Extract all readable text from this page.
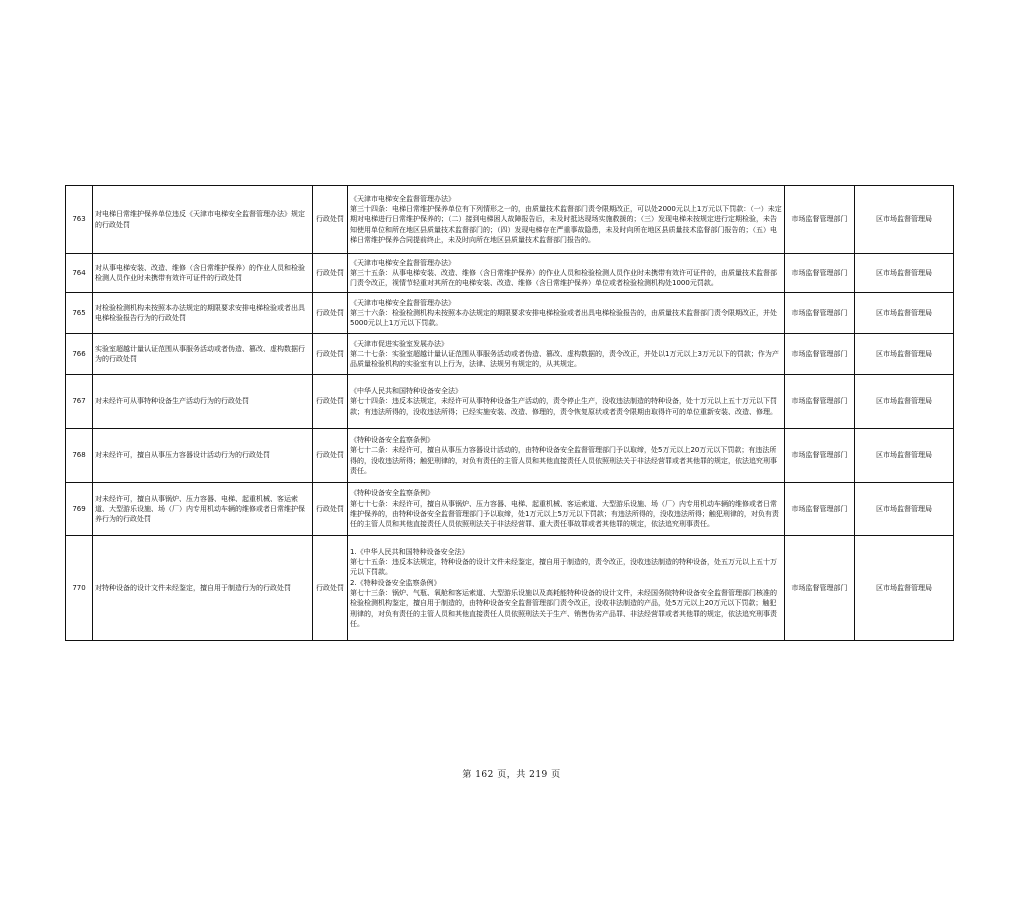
763	对电梯日常维护保养单位违反《天津市电梯安全监督管理办法》规定的行政处罚	行政处罚	《天津市电梯安全监督管理办法》
第三十四条：电梯日常维护保养单位有下列情形之一的，由质量技术监督部门责令限期改正，可以处2000元以上1万元以下罚款：（一）未定期对电梯进行日常维护保养的；（二）接到电梯困人故障报告后，未及时抵达现场实施救援的；（三）发现电梯未按规定进行定期检验，未告知使用单位和所在地区县质量技术监督部门的；（四）发现电梯存在严重事故隐患，未及时向所在地区县质量技术监督部门报告的；（五）电梯日常维护保养合同提前终止，未及时向所在地区县质量技术监督部门报告的。	市场监督管理部门	区市场监督管理局
764	对从事电梯安装、改造、维修（含日常维护保养）的作业人员和检验检测人员作业时未携带有效许可证件的行政处罚	行政处罚	《天津市电梯安全监督管理办法》
第三十五条：从事电梯安装、改造、维修（含日常维护保养）的作业人员和检验检测人员作业时未携带有效许可证件的，由质量技术监督部门责令改正，视情节轻重对其所在的电梯安装、改造、维修（含日常维护保养）单位或者检验检测机构处1000元罚款。	市场监督管理部门	区市场监督管理局
765	对检验检测机构未按照本办法规定的期限要求安排电梯检验或者出具电梯检验报告行为的行政处罚	行政处罚	《天津市电梯安全监督管理办法》
第三十六条：检验检测机构未按照本办法规定的期限要求安排电梯检验或者出具电梯检验报告的，由质量技术监督部门责令限期改正，并处5000元以上1万元以下罚款。	市场监督管理部门	区市场监督管理局
766	实验室超越计量认证范围从事服务活动或者伪造、篡改、虚构数据行为的行政处罚	行政处罚	《天津市促进实验室发展办法》
第二十七条：实验室超越计量认证范围从事服务活动或者伪造、篡改、虚构数据的，责令改正，并处以1万元以上3万元以下的罚款；作为产品质量检验机构的实验室有以上行为，法律、法规另有规定的，从其规定。	市场监督管理部门	区市场监督管理局
767	对未经许可从事特种设备生产活动行为的行政处罚	行政处罚	《中华人民共和国特种设备安全法》
第七十四条：违反本法规定，未经许可从事特种设备生产活动的，责令停止生产，没收违法制造的特种设备，处十万元以上五十万元以下罚款；有违法所得的，没收违法所得；已经实施安装、改造、修理的，责令恢复原状或者责令限期由取得许可的单位重新安装、改造、修理。	市场监督管理部门	区市场监督管理局
768	对未经许可，擅自从事压力容器设计活动行为的行政处罚	行政处罚	《特种设备安全监察条例》
第七十二条：未经许可，擅自从事压力容器设计活动的，由特种设备安全监督管理部门予以取缔，处5万元以上20万元以下罚款；有违法所得的，没收违法所得；触犯刑律的，对负有责任的主管人员和其他直接责任人员依照刑法关于非法经营罪或者其他罪的规定，依法追究刑事责任。	市场监督管理部门	区市场监督管理局
769	对未经许可，擅自从事锅炉、压力容器、电梯、起重机械、客运索道、大型游乐设施、场（厂）内专用机动车辆的维修或者日常维护保养行为的行政处罚	行政处罚	《特种设备安全监察条例》
第七十七条：未经许可，擅自从事锅炉、压力容器、电梯、起重机械、客运索道、大型游乐设施、场（厂）内专用机动车辆的维修或者日常维护保养的，由特种设备安全监督管理部门予以取缔，处1万元以上5万元以下罚款；有违法所得的，没收违法所得；触犯刑律的，对负有责任的主管人员和其他直接责任人员依照刑法关于非法经营罪、重大责任事故罪或者其他罪的规定，依法追究刑事责任。	市场监督管理部门	区市场监督管理局
770	对特种设备的设计文件未经鉴定，擅自用于制造行为的行政处罚	行政处罚	1.《中华人民共和国特种设备安全法》
第七十五条：违反本法规定，特种设备的设计文件未经鉴定，擅自用于制造的，责令改正，没收违法制造的特种设备，处五万元以上五十万元以下罚款。
2.《特种设备安全监察条例》
第七十三条：锅炉、气瓶、氧舱和客运索道、大型游乐设施以及高耗能特种设备的设计文件，未经国务院特种设备安全监督管理部门核准的检验检测机构鉴定，擅自用于制造的，由特种设备安全监督管理部门责令改正，没收非法制造的产品，处5万元以上20万元以下罚款；触犯刑律的，对负有责任的主管人员和其他直接责任人员依照刑法关于生产、销售伪劣产品罪、非法经营罪或者其他罪的规定，依法追究刑事责任。	市场监督管理部门	区市场监督管理局
第 162 页，共 219 页
